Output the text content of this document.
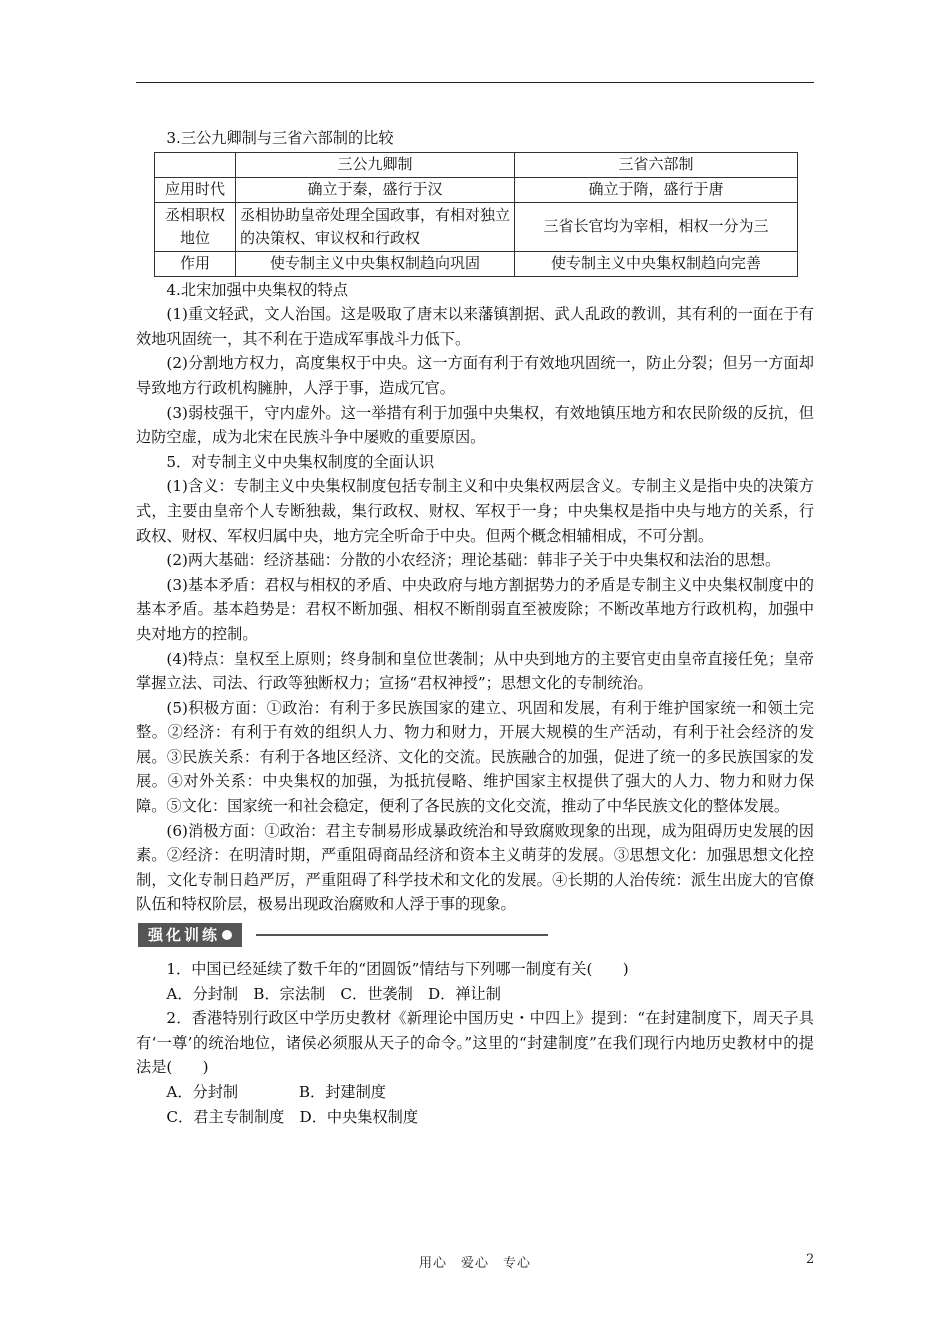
3.三公九卿制与三省六部制的比较

	三公九卿制	三省六部制
应用时代	确立于秦，盛行于汉	确立于隋，盛行于唐
丞相职权地位	丞相协助皇帝处理全国政事，有相对独立的决策权、审议权和行政权	三省长官均为宰相，相权一分为三
作用	使专制主义中央集权制趋向巩固	使专制主义中央集权制趋向完善

4.北宋加强中央集权的特点

(1)重文轻武，文人治国。这是吸取了唐末以来藩镇割据、武人乱政的教训，其有利的一面在于有效地巩固统一，其不利在于造成军事战斗力低下。

(2)分割地方权力，高度集权于中央。这一方面有利于有效地巩固统一，防止分裂；但另一方面却导致地方行政机构臃肿，人浮于事，造成冗官。

(3)弱枝强干，守内虚外。这一举措有利于加强中央集权，有效地镇压地方和农民阶级的反抗，但边防空虚，成为北宋在民族斗争中屡败的重要原因。

5．对专制主义中央集权制度的全面认识

(1)含义：专制主义中央集权制度包括专制主义和中央集权两层含义。专制主义是指中央的决策方式，主要由皇帝个人专断独裁，集行政权、财权、军权于一身；中央集权是指中央与地方的关系，行政权、财权、军权归属中央，地方完全听命于中央。但两个概念相辅相成，不可分割。

(2)两大基础：经济基础：分散的小农经济；理论基础：韩非子关于中央集权和法治的思想。

(3)基本矛盾：君权与相权的矛盾、中央政府与地方割据势力的矛盾是专制主义中央集权制度中的基本矛盾。基本趋势是：君权不断加强、相权不断削弱直至被废除；不断改革地方行政机构，加强中央对地方的控制。

(4)特点：皇权至上原则；终身制和皇位世袭制；从中央到地方的主要官吏由皇帝直接任免；皇帝掌握立法、司法、行政等独断权力；宣扬“君权神授”；思想文化的专制统治。

(5)积极方面：①政治：有利于多民族国家的建立、巩固和发展，有利于维护国家统一和领土完整。②经济：有利于有效的组织人力、物力和财力，开展大规模的生产活动，有利于社会经济的发展。③民族关系：有利于各地区经济、文化的交流。民族融合的加强，促进了统一的多民族国家的发展。④对外关系：中央集权的加强，为抵抗侵略、维护国家主权提供了强大的人力、物力和财力保障。⑤文化：国家统一和社会稳定，便利了各民族的文化交流，推动了中华民族文化的整体发展。

(6)消极方面：①政治：君主专制易形成暴政统治和导致腐败现象的出现，成为阻碍历史发展的因素。②经济：在明清时期，严重阻碍商品经济和资本主义萌芽的发展。③思想文化：加强思想文化控制，文化专制日趋严厉，严重阻碍了科学技术和文化的发展。④长期的人治传统：派生出庞大的官僚队伍和特权阶层，极易出现政治腐败和人浮于事的现象。

强化训练

1．中国已经延续了数千年的“团圆饭”情结与下列哪一制度有关(　　)

A．分封制　B．宗法制　C．世袭制　D．禅让制

2．香港特别行政区中学历史教材《新理论中国历史・中四上》提到：“在封建制度下，周天子具有‘一尊’的统治地位，诸侯必须服从天子的命令。”这里的“封建制度”在我们现行内地历史教材中的提法是(　　)

A．分封制　　　　B．封建制度

C．君主专制制度　D．中央集权制度

用心　爱心　专心	2
